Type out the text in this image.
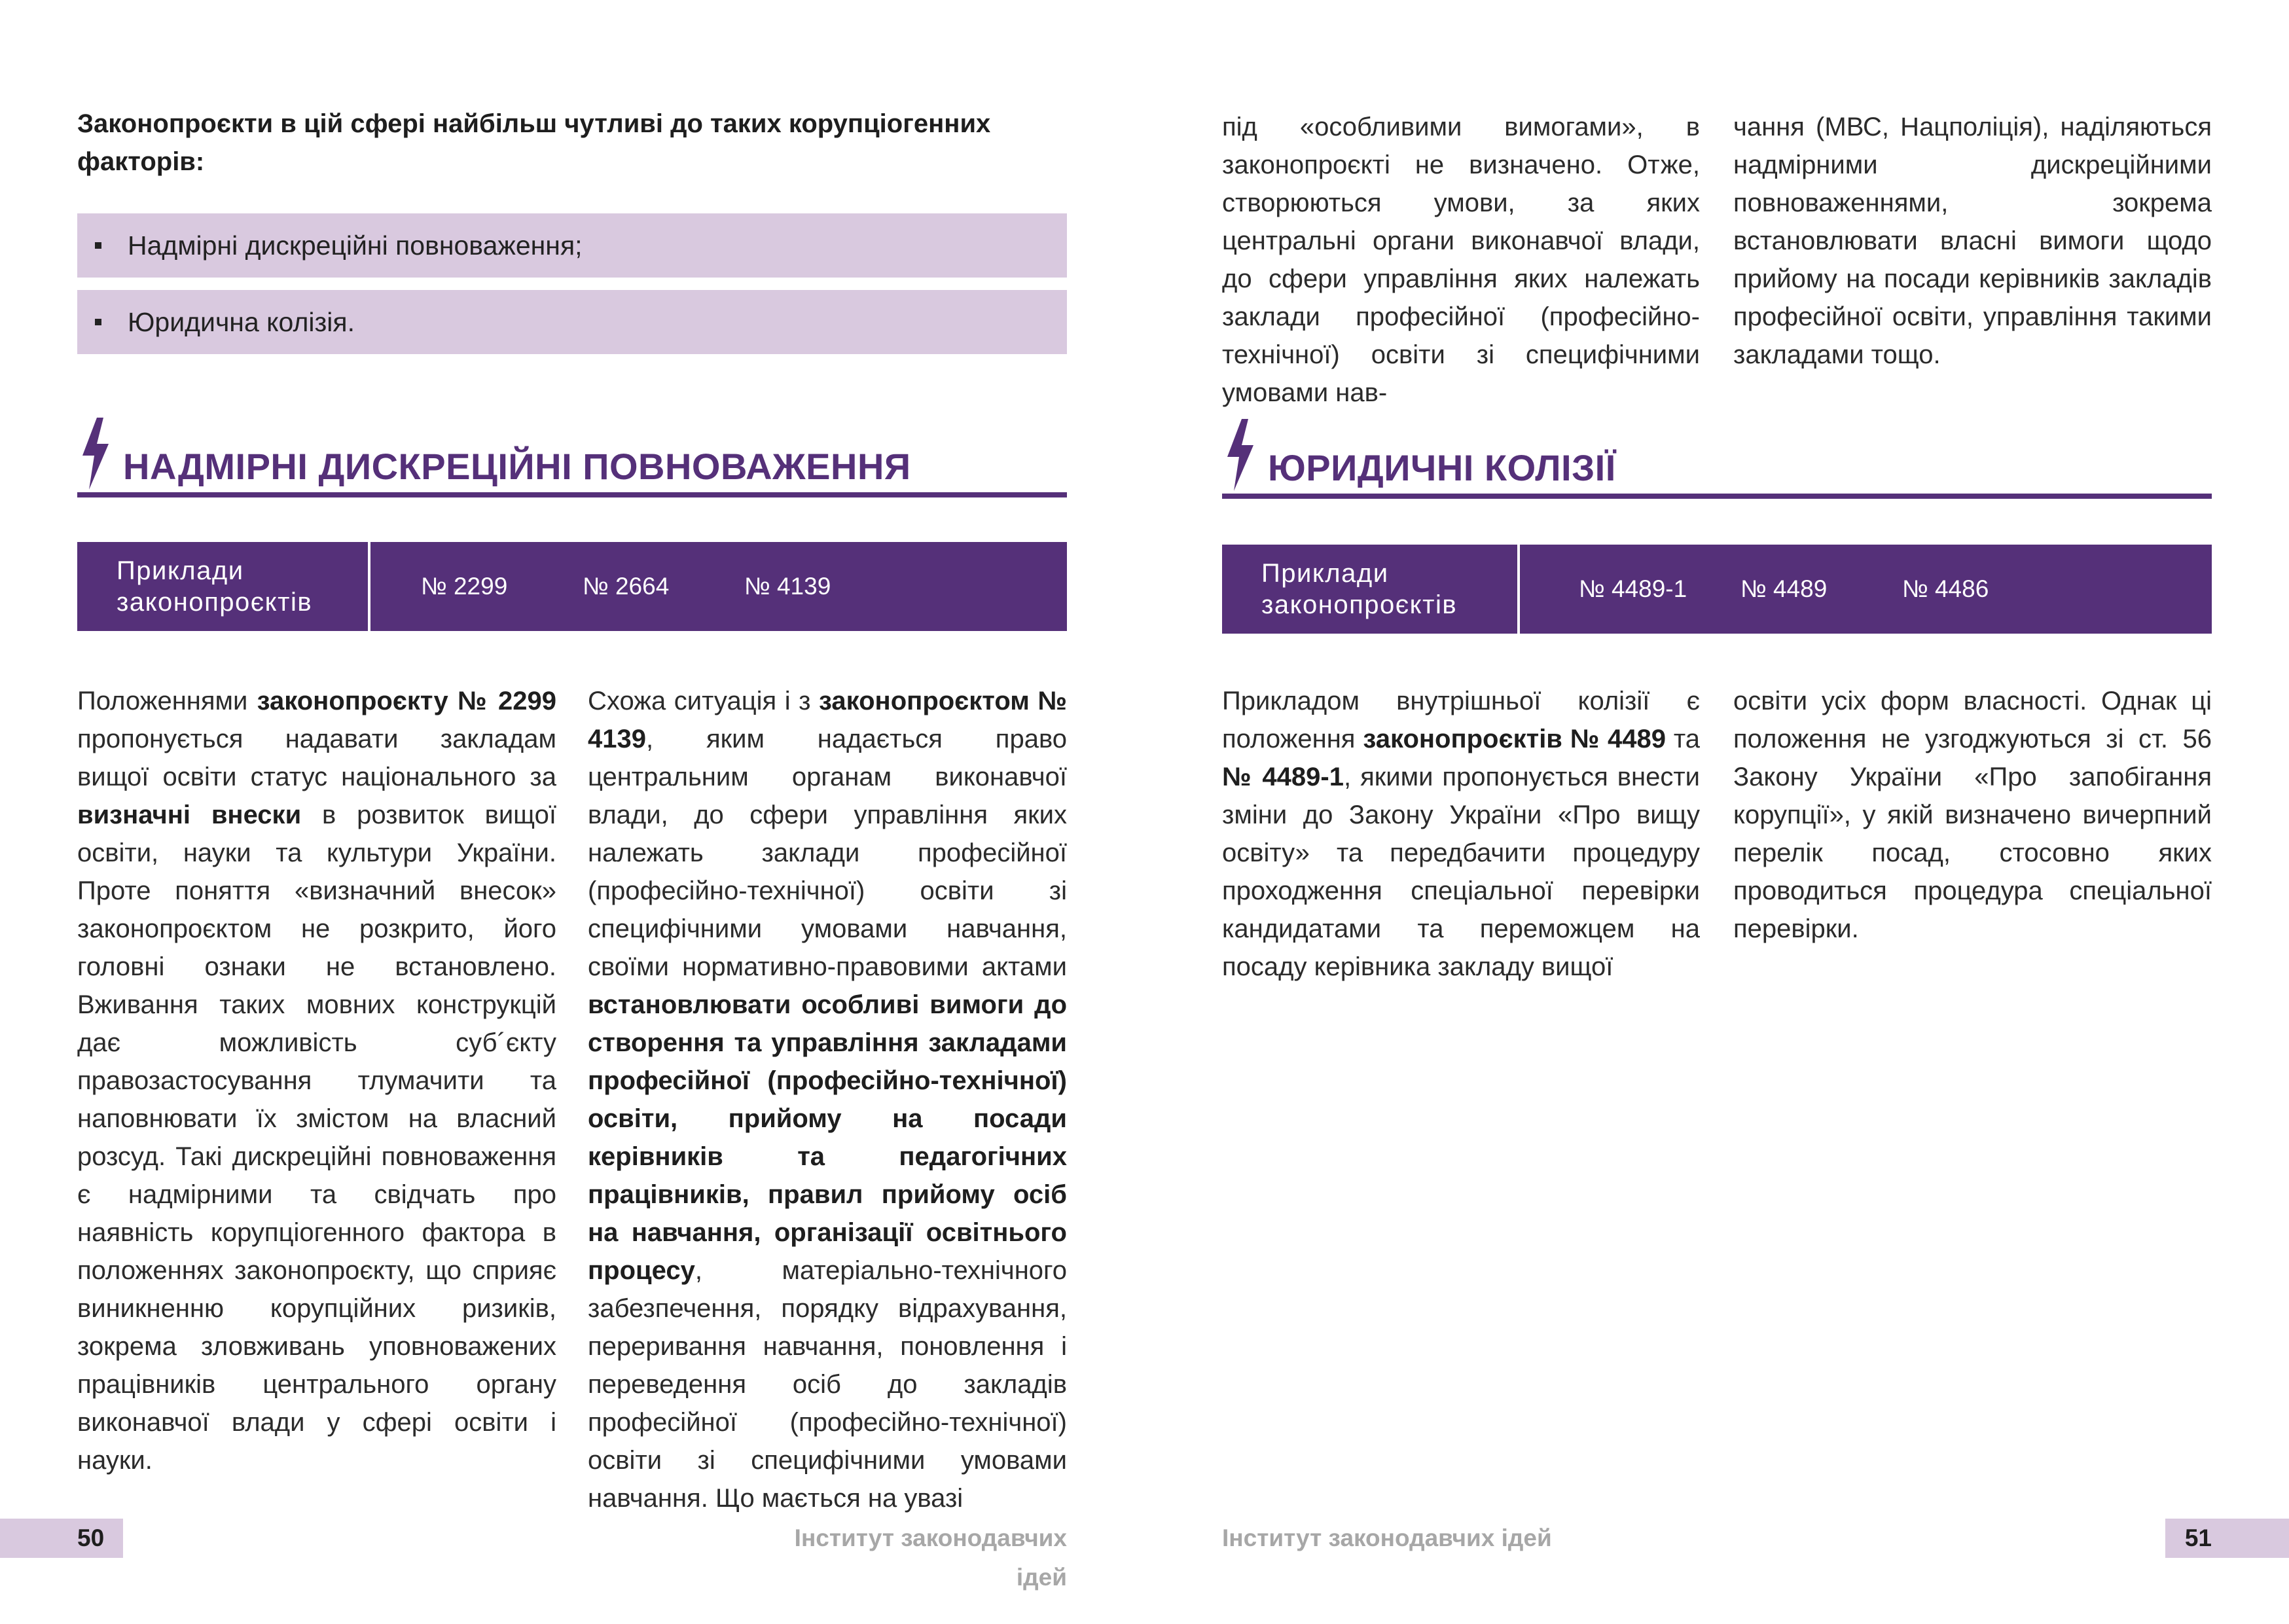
Законопроєкти в цій сфері найбільш чутливі до таких корупціогенних факторів:
Надмірні дискреційні повноваження;
Юридична колізія.
НАДМІРНІ ДИСКРЕЦІЙНІ ПОВНОВАЖЕННЯ
Приклади законопроєктів
№ 2299	№ 2664	№ 4139

Положеннями законопроєкту № 2299 пропонується надавати закладам вищої освіти статус національного за визначні внески в розвиток вищої освіти, науки та культури України. Проте поняття «визначний внесок» законопроєктом не розкрито, його головні ознаки не встановлено. Вживання таких мовних конструкцій дає можливість суб´єкту правозастосування тлумачити та наповнювати їх змістом на власний розсуд. Такі дискреційні повноваження є надмірними та свідчать про наявність корупціогенного фактора в положеннях законопроєкту, що сприяє виникненню корупційних ризиків, зокрема зловживань уповноважених працівників центрального органу виконавчої влади у сфері освіти і науки.

Схожа ситуація і з законопроєктом № 4139, яким надається право центральним органам виконавчої влади, до сфери управління яких належать заклади професійної (професійно-технічної) освіти зі специфічними умовами навчання, своїми нормативно-правовими актами встановлювати особливі вимоги до створення та управління закладами професійної (професійно-технічної) освіти, прийому на посади керівників та педагогічних працівників, правил прийому осіб на навчання, організації освітнього процесу, матеріально-технічного забезпечення, порядку відрахування, переривання навчання, поновлення і переведення осіб до закладів професійної (професійно-технічної) освіти зі специфічними умовами навчання. Що мається на увазі

50	Інститут законодавчих ідей

під «особливими вимогами», в законопроєкті не визначено. Отже, створюються умови, за яких центральні органи виконавчої влади, до сфери управління яких належать заклади професійної (професійно-технічної) освіти зі специфічними умовами нав-

чання (МВС, Нацполіція), наділяються надмірними дискреційними повноваженнями, зокрема встановлювати власні вимоги щодо прийому на посади керівників закладів професійної освіти, управління такими закладами тощо.

ЮРИДИЧНІ КОЛІЗІЇ
Приклади законопроєктів
№ 4489-1	№ 4489	№ 4486

Прикладом внутрішньої колізії є положення законопроєктів № 4489 та № 4489-1, якими пропонується внести зміни до Закону України «Про вищу освіту» та передбачити процедуру проходження спеціальної перевірки кандидатами та переможцем на посаду керівника закладу вищої

освіти усіх форм власності. Однак ці положення не узгоджуються зі ст. 56 Закону України «Про запобігання корупції», у якій визначено вичерпний перелік посад, стосовно яких проводиться процедура спеціальної перевірки.

Інститут законодавчих ідей	51
